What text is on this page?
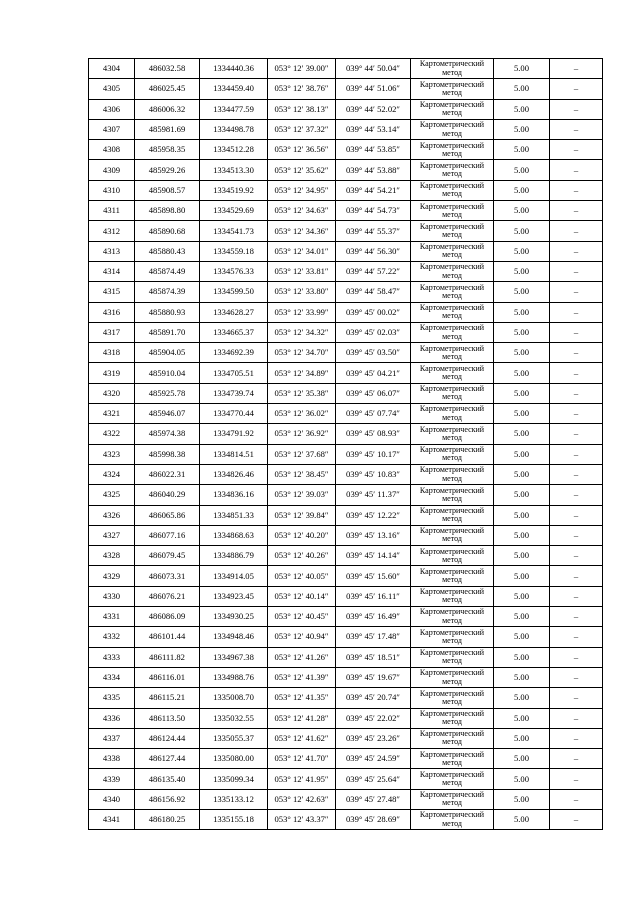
4304	486032.58	1334440.36	053° 12′ 39.00″	039° 44′ 50.04″	Картометрический метод	5.00	–
4305	486025.45	1334459.40	053° 12′ 38.76″	039° 44′ 51.06″	Картометрический метод	5.00	–
4306	486006.32	1334477.59	053° 12′ 38.13″	039° 44′ 52.02″	Картометрический метод	5.00	–
4307	485981.69	1334498.78	053° 12′ 37.32″	039° 44′ 53.14″	Картометрический метод	5.00	–
4308	485958.35	1334512.28	053° 12′ 36.56″	039° 44′ 53.85″	Картометрический метод	5.00	–
4309	485929.26	1334513.30	053° 12′ 35.62″	039° 44′ 53.88″	Картометрический метод	5.00	–
4310	485908.57	1334519.92	053° 12′ 34.95″	039° 44′ 54.21″	Картометрический метод	5.00	–
4311	485898.80	1334529.69	053° 12′ 34.63″	039° 44′ 54.73″	Картометрический метод	5.00	–
4312	485890.68	1334541.73	053° 12′ 34.36″	039° 44′ 55.37″	Картометрический метод	5.00	–
4313	485880.43	1334559.18	053° 12′ 34.01″	039° 44′ 56.30″	Картометрический метод	5.00	–
4314	485874.49	1334576.33	053° 12′ 33.81″	039° 44′ 57.22″	Картометрический метод	5.00	–
4315	485874.39	1334599.50	053° 12′ 33.80″	039° 44′ 58.47″	Картометрический метод	5.00	–
4316	485880.93	1334628.27	053° 12′ 33.99″	039° 45′ 00.02″	Картометрический метод	5.00	–
4317	485891.70	1334665.37	053° 12′ 34.32″	039° 45′ 02.03″	Картометрический метод	5.00	–
4318	485904.05	1334692.39	053° 12′ 34.70″	039° 45′ 03.50″	Картометрический метод	5.00	–
4319	485910.04	1334705.51	053° 12′ 34.89″	039° 45′ 04.21″	Картометрический метод	5.00	–
4320	485925.78	1334739.74	053° 12′ 35.38″	039° 45′ 06.07″	Картометрический метод	5.00	–
4321	485946.07	1334770.44	053° 12′ 36.02″	039° 45′ 07.74″	Картометрический метод	5.00	–
4322	485974.38	1334791.92	053° 12′ 36.92″	039° 45′ 08.93″	Картометрический метод	5.00	–
4323	485998.38	1334814.51	053° 12′ 37.68″	039° 45′ 10.17″	Картометрический метод	5.00	–
4324	486022.31	1334826.46	053° 12′ 38.45″	039° 45′ 10.83″	Картометрический метод	5.00	–
4325	486040.29	1334836.16	053° 12′ 39.03″	039° 45′ 11.37″	Картометрический метод	5.00	–
4326	486065.86	1334851.33	053° 12′ 39.84″	039° 45′ 12.22″	Картометрический метод	5.00	–
4327	486077.16	1334868.63	053° 12′ 40.20″	039° 45′ 13.16″	Картометрический метод	5.00	–
4328	486079.45	1334886.79	053° 12′ 40.26″	039° 45′ 14.14″	Картометрический метод	5.00	–
4329	486073.31	1334914.05	053° 12′ 40.05″	039° 45′ 15.60″	Картометрический метод	5.00	–
4330	486076.21	1334923.45	053° 12′ 40.14″	039° 45′ 16.11″	Картометрический метод	5.00	–
4331	486086.09	1334930.25	053° 12′ 40.45″	039° 45′ 16.49″	Картометрический метод	5.00	–
4332	486101.44	1334948.46	053° 12′ 40.94″	039° 45′ 17.48″	Картометрический метод	5.00	–
4333	486111.82	1334967.38	053° 12′ 41.26″	039° 45′ 18.51″	Картометрический метод	5.00	–
4334	486116.01	1334988.76	053° 12′ 41.39″	039° 45′ 19.67″	Картометрический метод	5.00	–
4335	486115.21	1335008.70	053° 12′ 41.35″	039° 45′ 20.74″	Картометрический метод	5.00	–
4336	486113.50	1335032.55	053° 12′ 41.28″	039° 45′ 22.02″	Картометрический метод	5.00	–
4337	486124.44	1335055.37	053° 12′ 41.62″	039° 45′ 23.26″	Картометрический метод	5.00	–
4338	486127.44	1335080.00	053° 12′ 41.70″	039° 45′ 24.59″	Картометрический метод	5.00	–
4339	486135.40	1335099.34	053° 12′ 41.95″	039° 45′ 25.64″	Картометрический метод	5.00	–
4340	486156.92	1335133.12	053° 12′ 42.63″	039° 45′ 27.48″	Картометрический метод	5.00	–
4341	486180.25	1335155.18	053° 12′ 43.37″	039° 45′ 28.69″	Картометрический метод	5.00	–
